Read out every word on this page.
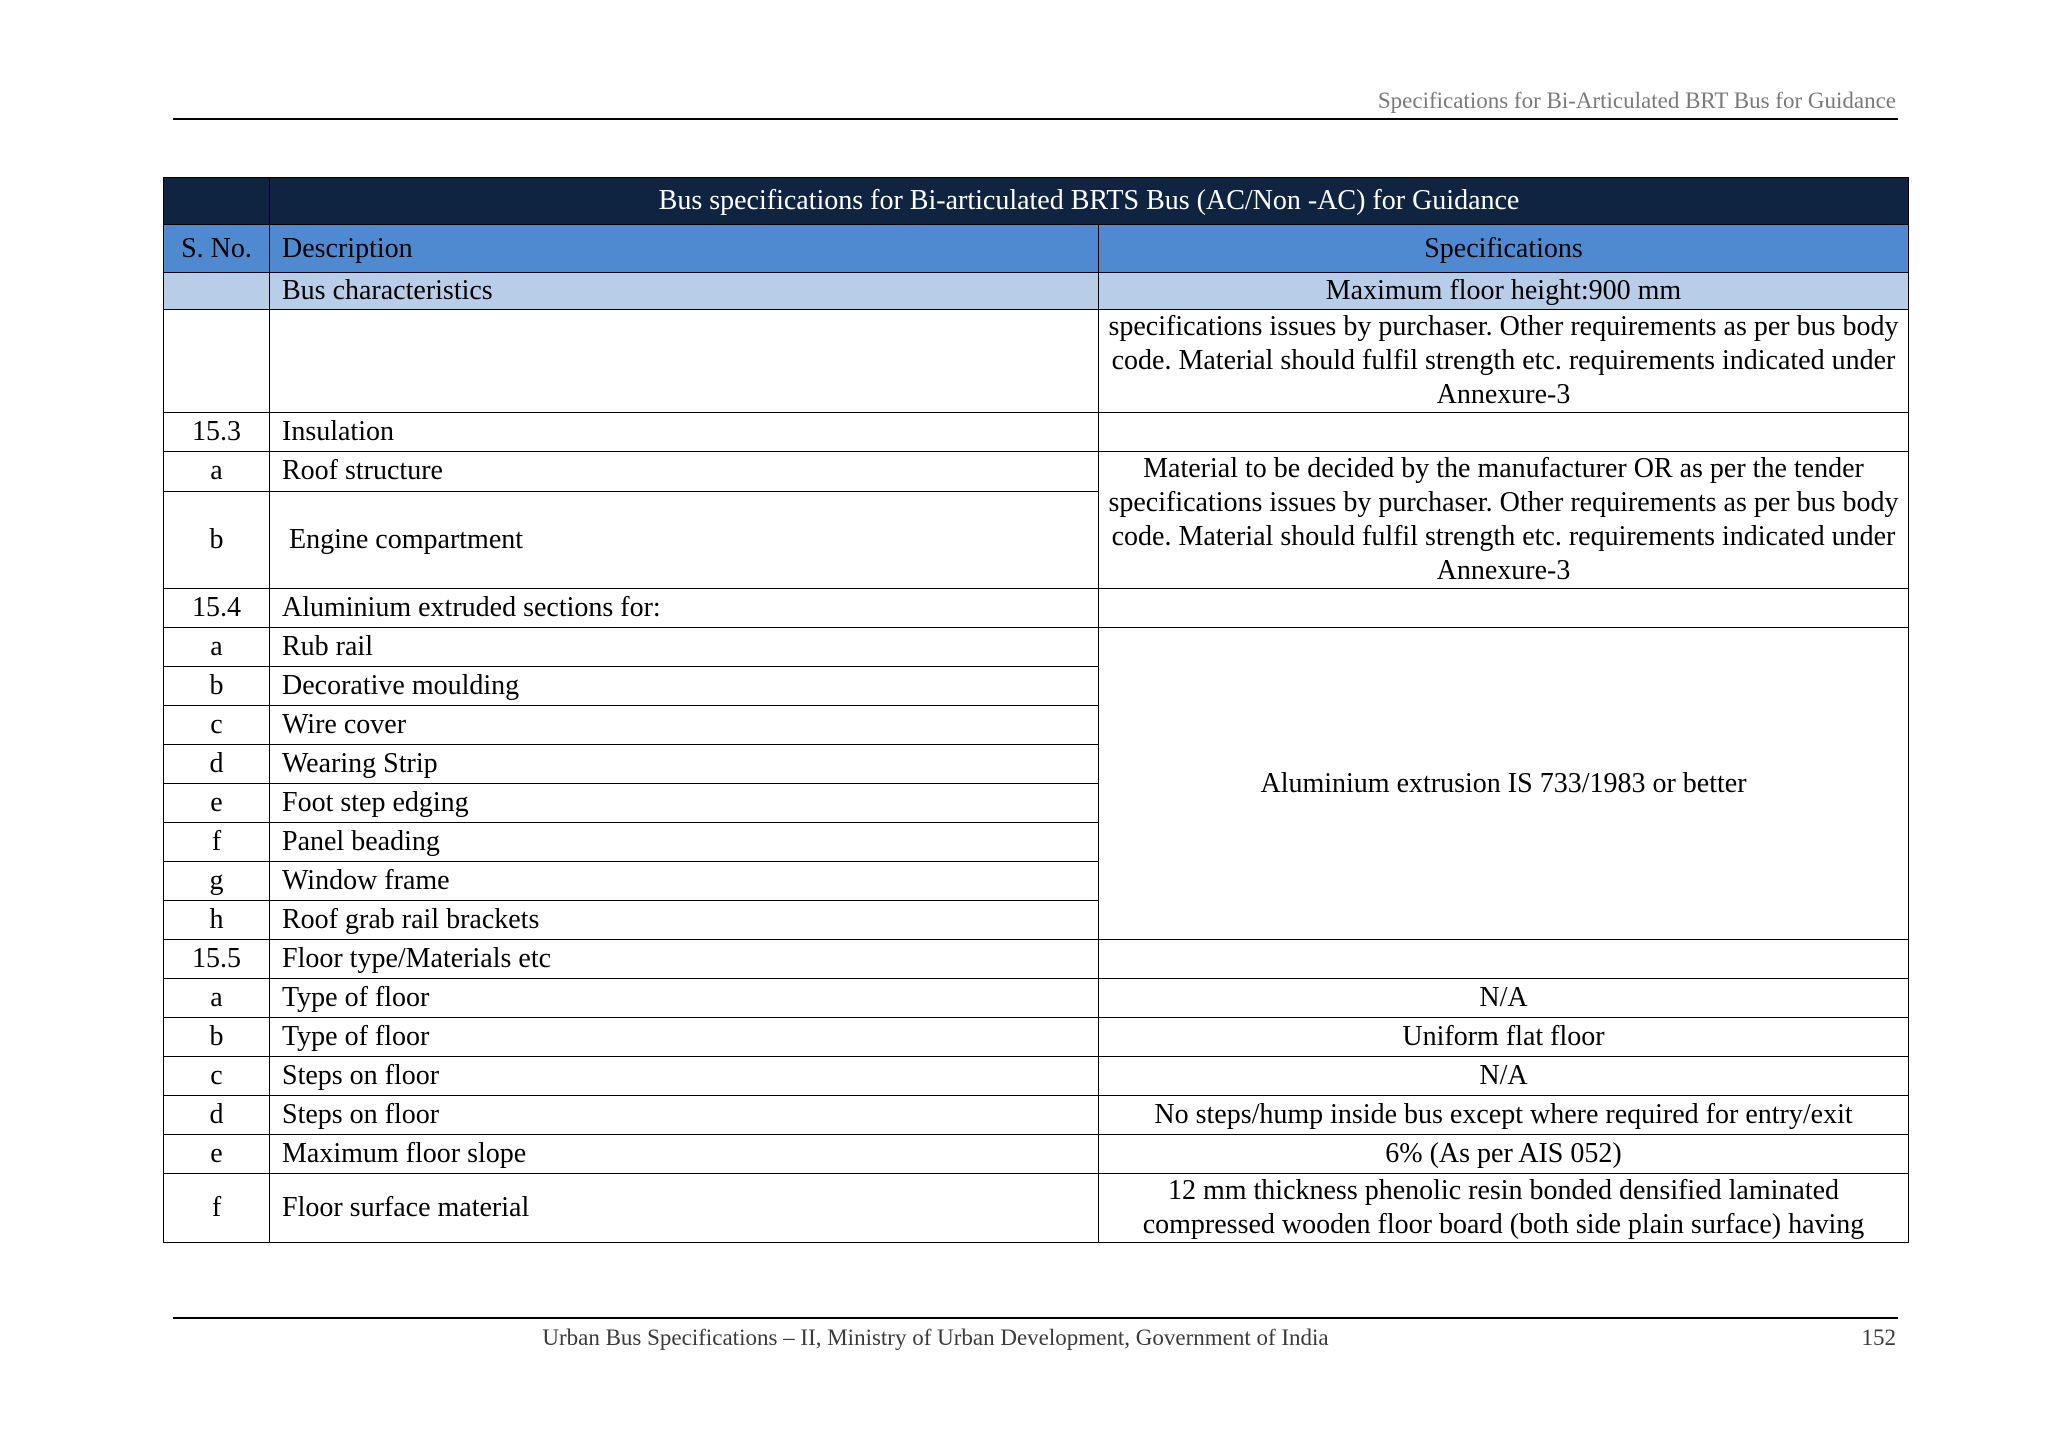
Specifications for Bi-Articulated BRT Bus for Guidance
	Bus specifications for Bi-articulated BRTS Bus (AC/Non -AC) for Guidance	
S. No.	Description	Specifications
	Bus characteristics	Maximum floor height:900 mm
		specifications issues by purchaser. Other requirements as per bus body code. Material should fulfil strength etc. requirements indicated under Annexure-3
15.3	Insulation	
a	Roof structure	Material to be decided by the manufacturer OR as per the tender specifications issues by purchaser. Other requirements as per bus body code. Material should fulfil strength etc. requirements indicated under Annexure-3
b	Engine compartment	
15.4	Aluminium extruded sections for:	
a	Rub rail	Aluminium extrusion IS 733/1983 or better
b	Decorative moulding	
c	Wire cover	
d	Wearing Strip	
e	Foot step edging	
f	Panel beading	
g	Window frame	
h	Roof grab rail brackets	
15.5	Floor type/Materials etc	
a	Type of floor	N/A
b	Type of floor	Uniform flat floor
c	Steps on floor	N/A
d	Steps on floor	No steps/hump inside bus except where required for entry/exit
e	Maximum floor slope	6% (As per AIS 052)
f	Floor surface material	12 mm thickness phenolic resin bonded densified laminated compressed wooden floor board (both side plain surface) having
Urban Bus Specifications – II, Ministry of Urban Development, Government of India	152
